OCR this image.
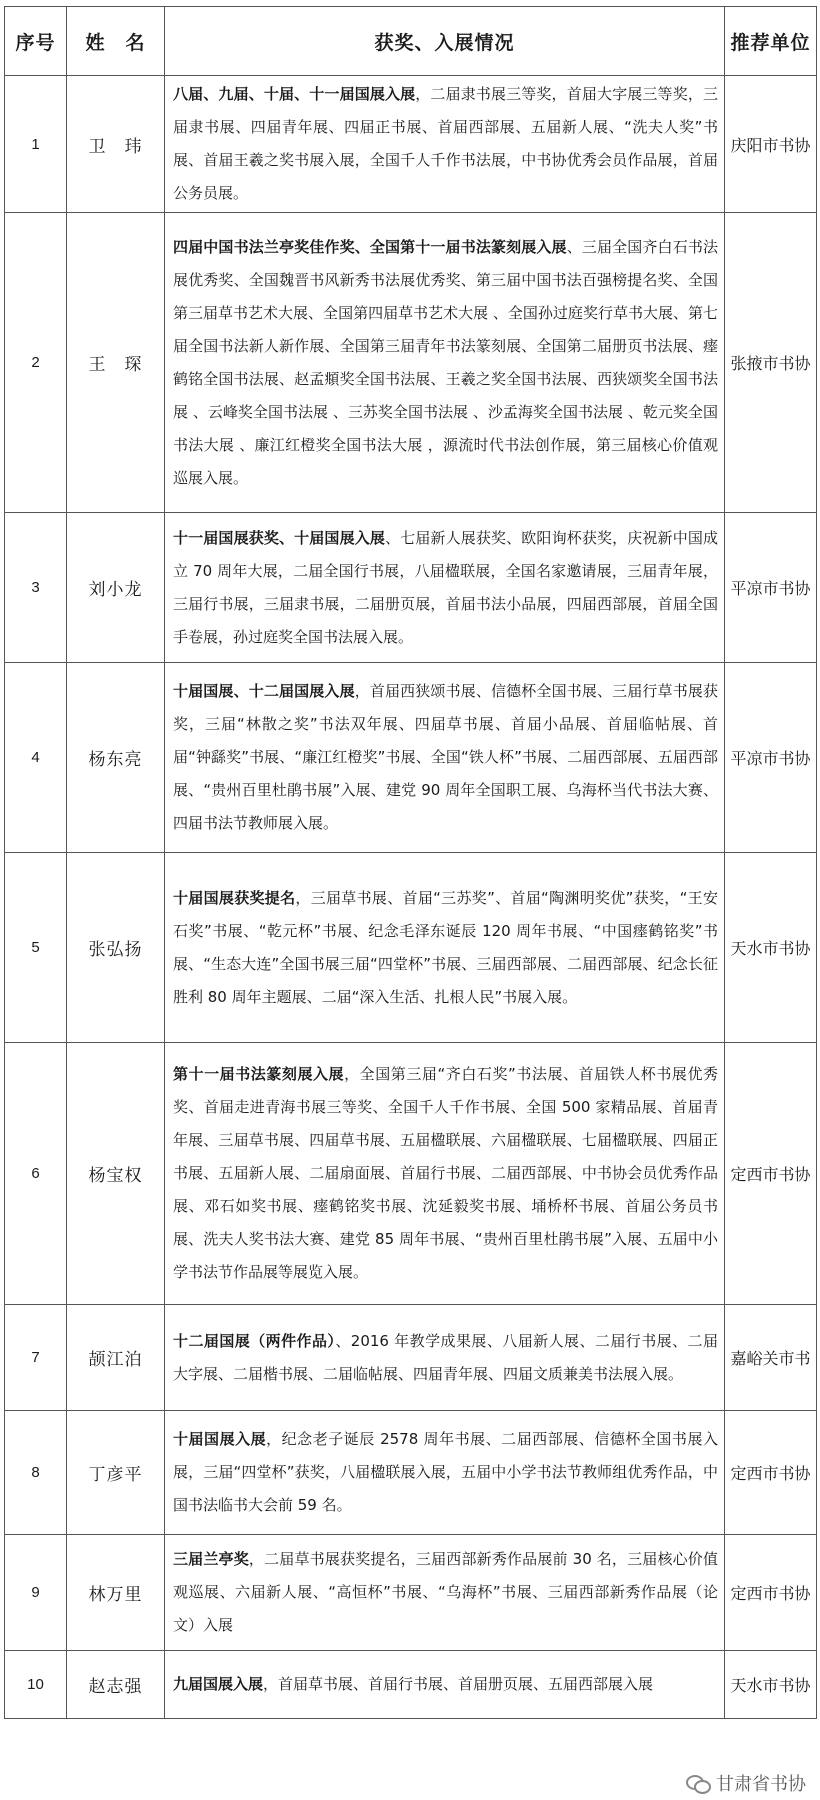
序号	姓　名	获奖、入展情况	推荐单位
1	卫　玮	八届、九届、十届、十一届国展入展，二届隶书展三等奖，首届大字展三等奖，三届隶书展、四届青年展、四届正书展、首届西部展、五届新人展、“洗夫人奖”书展、首届王羲之奖书展入展，全国千人千作书法展，中书协优秀会员作品展，首届公务员展。	庆阳市书协
2	王　琛	四届中国书法兰亭奖佳作奖、全国第十一届书法篆刻展入展、三届全国齐白石书法展优秀奖、全国魏晋书风新秀书法展优秀奖、第三届中国书法百强榜提名奖、全国第三届草书艺术大展、全国第四届草书艺术大展 、全国孙过庭奖行草书大展、第七届全国书法新人新作展、全国第三届青年书法篆刻展、全国第二届册页书法展、瘗鹤铭全国书法展、赵孟頫奖全国书法展、王羲之奖全国书法展、西狭颂奖全国书法展 、云峰奖全国书法展 、三苏奖全国书法展 、沙孟海奖全国书法展 、乾元奖全国书法大展 、廉江红橙奖全国书法大展 ，源流时代书法创作展，第三届核心价值观巡展入展。	张掖市书协
3	刘小龙	十一届国展获奖、十届国展入展、七届新人展获奖、欧阳询杯获奖，庆祝新中国成立 70 周年大展，二届全国行书展，八届楹联展，全国名家邀请展，三届青年展，三届行书展，三届隶书展，二届册页展，首届书法小品展，四届西部展，首届全国手卷展，孙过庭奖全国书法展入展。	平凉市书协
4	杨东亮	十届国展、十二届国展入展，首届西狭颂书展、信德杯全国书展、三届行草书展获奖，三届“林散之奖”书法双年展、四届草书展、首届小品展、首届临帖展、首届“钟繇奖”书展、“廉江红橙奖”书展、全国“铁人杯”书展、二届西部展、五届西部展、“贵州百里杜鹃书展”入展、建党 90 周年全国职工展、乌海杯当代书法大赛、四届书法节教师展入展。	平凉市书协
5	张弘扬	十届国展获奖提名，三届草书展、首届“三苏奖”、首届“陶渊明奖优”获奖，“王安石奖”书展、“乾元杯”书展、纪念毛泽东诞辰 120 周年书展、“中国瘗鹤铭奖”书展、“生态大连”全国书展三届“四堂杯”书展、三届西部展、二届西部展、纪念长征胜利 80 周年主题展、二届“深入生活、扎根人民”书展入展。	天水市书协
6	杨宝权	第十一届书法篆刻展入展，全国第三届“齐白石奖”书法展、首届铁人杯书展优秀奖、首届走进青海书展三等奖、全国千人千作书展、全国 500 家精品展、首届青年展、三届草书展、四届草书展、五届楹联展、六届楹联展、七届楹联展、四届正书展、五届新人展、二届扇面展、首届行书展、二届西部展、中书协会员优秀作品展、邓石如奖书展、瘗鹤铭奖书展、沈延毅奖书展、埇桥杯书展、首届公务员书展、洗夫人奖书法大赛、建党 85 周年书展、“贵州百里杜鹃书展”入展、五届中小学书法节作品展等展览入展。	定西市书协
7	颉江泊	十二届国展（两件作品）、2016 年教学成果展、八届新人展、二届行书展、二届大字展、二届楷书展、二届临帖展、四届青年展、四届文质兼美书法展入展。	嘉峪关市书
8	丁彦平	十届国展入展，纪念老子诞辰 2578 周年书展、二届西部展、信德杯全国书展入展，三届“四堂杯”获奖，八届楹联展入展，五届中小学书法节教师组优秀作品，中国书法临书大会前 59 名。	定西市书协
9	林万里	三届兰亭奖，二届草书展获奖提名，三届西部新秀作品展前 30 名，三届核心价值观巡展、六届新人展、“高恒杯”书展、“乌海杯”书展、三届西部新秀作品展（论文）入展	定西市书协
10	赵志强	九届国展入展，首届草书展、首届行书展、首届册页展、五届西部展入展	天水市书协
甘肃省书协
